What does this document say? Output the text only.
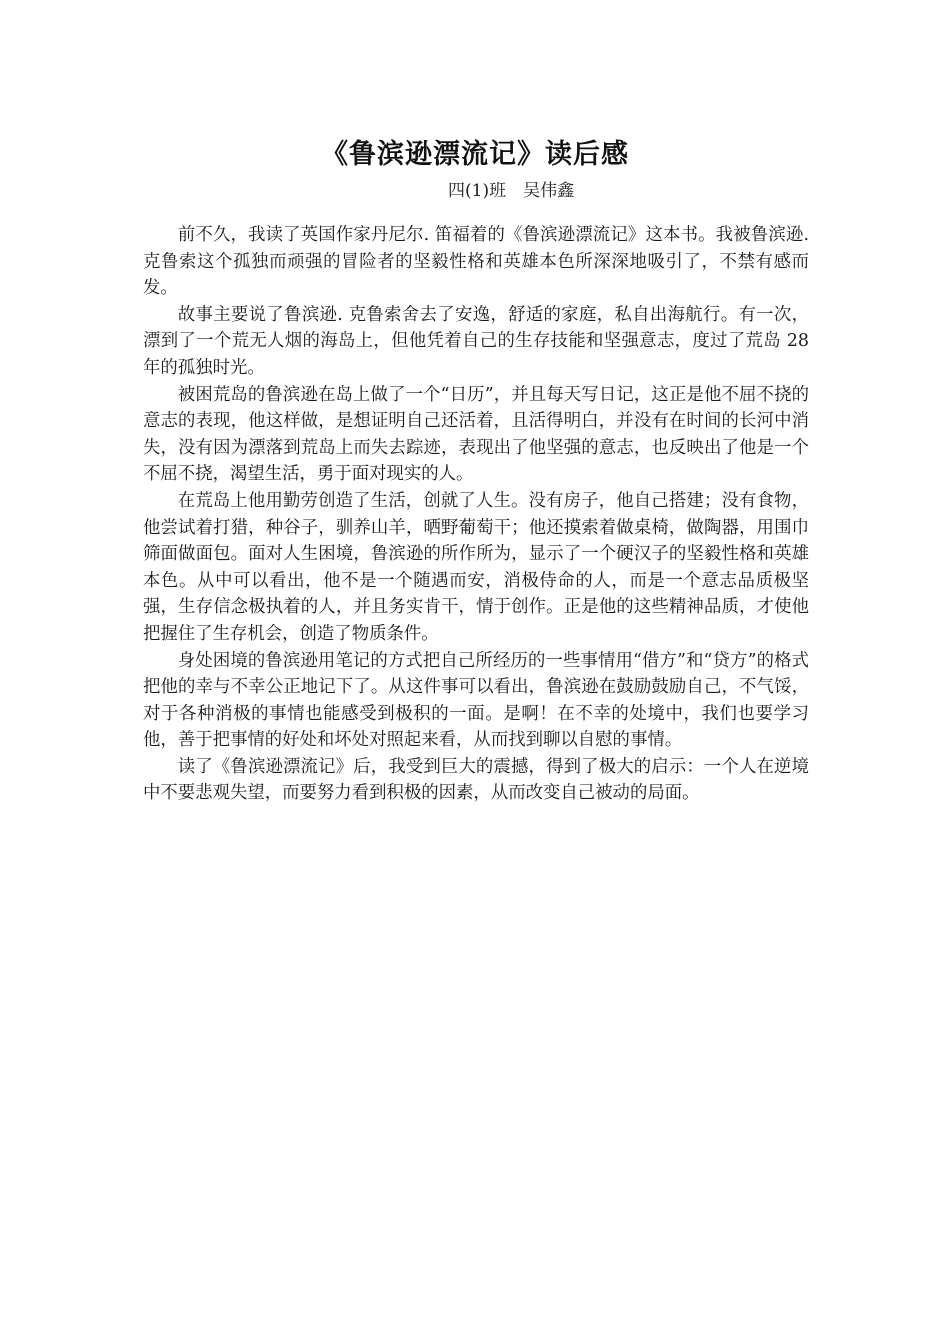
《鲁滨逊漂流记》读后感
四(1)班　吴伟鑫

前不久，我读了英国作家丹尼尔. 笛福着的《鲁滨逊漂流记》这本书。我被鲁滨逊. 克鲁索这个孤独而顽强的冒险者的坚毅性格和英雄本色所深深地吸引了，不禁有感而发。

故事主要说了鲁滨逊. 克鲁索舍去了安逸，舒适的家庭，私自出海航行。有一次，漂到了一个荒无人烟的海岛上，但他凭着自己的生存技能和坚强意志，度过了荒岛 28 年的孤独时光。

被困荒岛的鲁滨逊在岛上做了一个“日历”，并且每天写日记，这正是他不屈不挠的意志的表现，他这样做，是想证明自己还活着，且活得明白，并没有在时间的长河中消失，没有因为漂落到荒岛上而失去踪迹，表现出了他坚强的意志，也反映出了他是一个不屈不挠，渴望生活，勇于面对现实的人。

在荒岛上他用勤劳创造了生活，创就了人生。没有房子，他自己搭建；没有食物，他尝试着打猎，种谷子，驯养山羊，晒野葡萄干；他还摸索着做桌椅，做陶器，用围巾筛面做面包。面对人生困境，鲁滨逊的所作所为，显示了一个硬汉子的坚毅性格和英雄本色。从中可以看出，他不是一个随遇而安，消极侍命的人，而是一个意志品质极坚强，生存信念极执着的人，并且务实肯干，情于创作。正是他的这些精神品质，才使他把握住了生存机会，创造了物质条件。

身处困境的鲁滨逊用笔记的方式把自己所经历的一些事情用“借方”和“贷方”的格式把他的幸与不幸公正地记下了。从这件事可以看出，鲁滨逊在鼓励鼓励自己，不气馁，对于各种消极的事情也能感受到极积的一面。是啊！在不幸的处境中，我们也要学习他，善于把事情的好处和坏处对照起来看，从而找到聊以自慰的事情。

读了《鲁滨逊漂流记》后，我受到巨大的震撼，得到了极大的启示：一个人在逆境中不要悲观失望，而要努力看到积极的因素，从而改变自己被动的局面。
